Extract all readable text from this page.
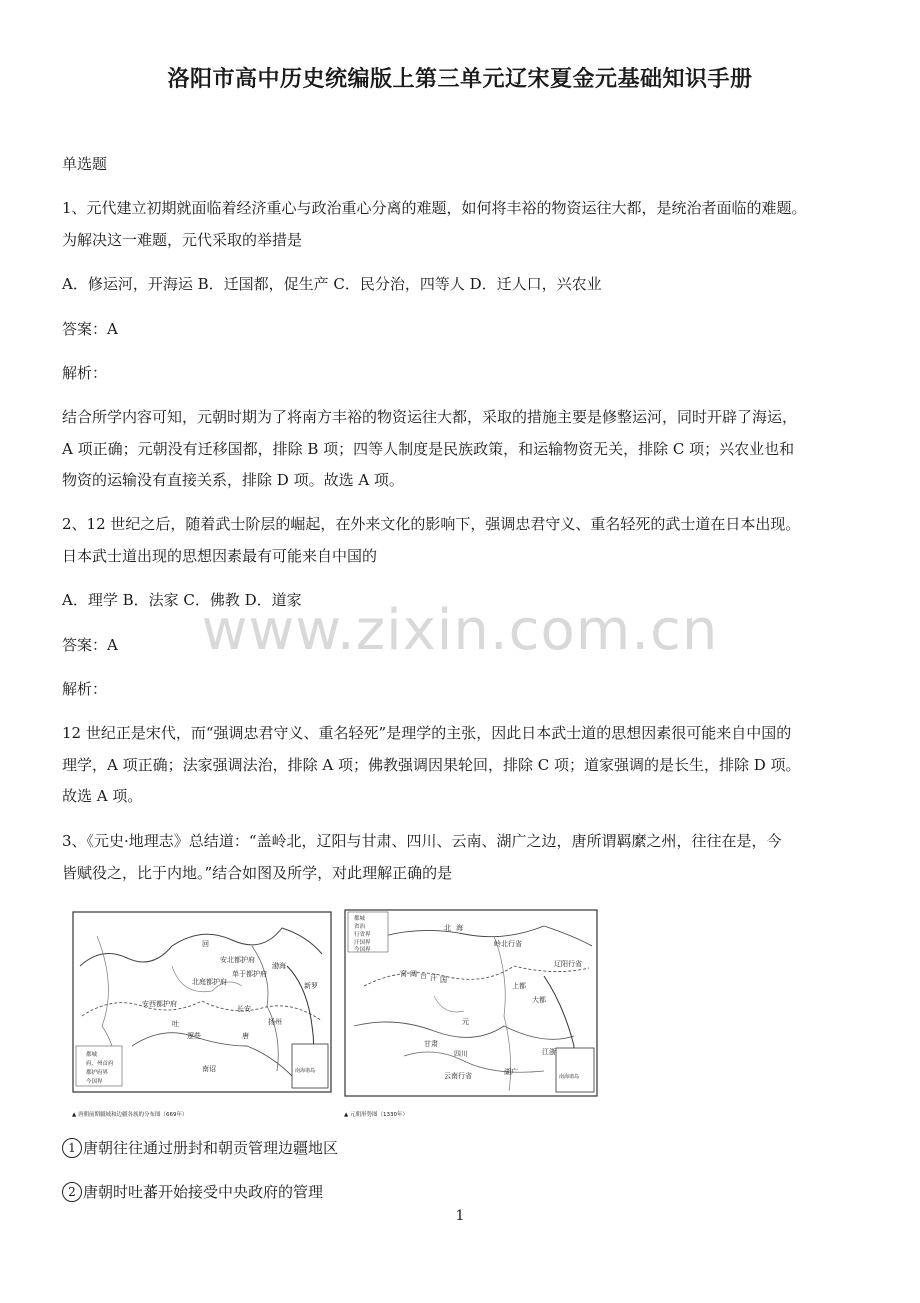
洛阳市高中历史统编版上第三单元辽宋夏金元基础知识手册
单选题
1、元代建立初期就面临着经济重心与政治重心分离的难题，如何将丰裕的物资运往大都，是统治者面临的难题。
为解决这一难题，元代采取的举措是
A．修运河，开海运 B．迁国都，促生产 C．民分治，四等人 D．迁人口，兴农业
答案：A
解析：
结合所学内容可知，元朝时期为了将南方丰裕的物资运往大都，采取的措施主要是修整运河，同时开辟了海运，
A 项正确；元朝没有迁移国都，排除 B 项；四等人制度是民族政策，和运输物资无关，排除 C 项；兴农业也和
物资的运输没有直接关系，排除 D 项。故选 A 项。
2、12 世纪之后，随着武士阶层的崛起，在外来文化的影响下，强调忠君守义、重名轻死的武士道在日本出现。
日本武士道出现的思想因素最有可能来自中国的
A．理学 B．法家 C．佛教 D．道家
答案：A
解析：
12 世纪正是宋代，而“强调忠君守义、重名轻死”是理学的主张，因此日本武士道的思想因素很可能来自中国的
理学，A 项正确；法家强调法治，排除 A 项；佛教强调因果轮回，排除 C 项；道家强调的是长生，排除 D 项。
故选 A 项。
www.zixin.com.cn
3、《元史·地理志》总结道：“盖岭北，辽阳与甘肃、四川、云南、湖广之边，唐所谓羁縻之州，往往在是，今
皆赋役之，比于内地。”结合如图及所学，对此理解正确的是
回
安北都护府
单于都护府
北庭都护府
安西都护府
长安
吐
逻些	唐
渤海
新罗
南诏
扬州
都城
府、州首府
都护府界
今国界
南海诸岛
▲ 唐朝前期疆域和边疆各族的分布图（669年）
北 海
窝 阔 台 汗 国
元
上都
大都
岭北行省
辽阳行省
甘肃
四川
云南行省	湖广
江浙
都城
省治
行省界
汗国界
今国界
南海诸岛
▲ 元朝形势图（1330年）
1 唐朝往往通过册封和朝贡管理边疆地区
2 唐朝时吐蕃开始接受中央政府的管理
1
